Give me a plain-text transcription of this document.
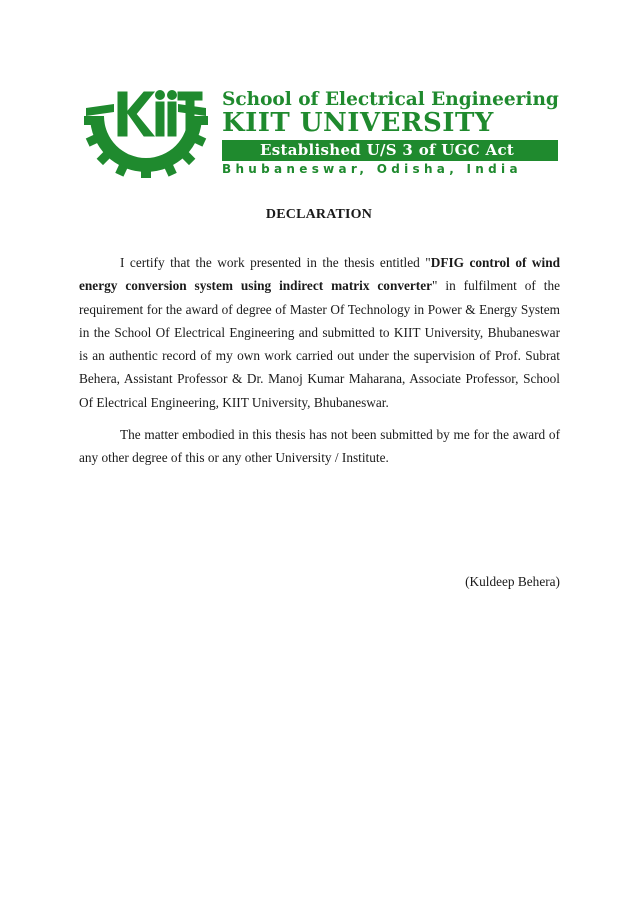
School of Electrical Engineering
KIIT UNIVERSITY
Established U/S 3 of UGC Act
Bhubaneswar, Odisha, India
DECLARATION

I certify that the work presented in the thesis entitled "DFIG control of wind energy conversion system using indirect matrix converter" in fulfilment of the requirement for the award of degree of Master Of Technology in Power & Energy System in the School Of Electrical Engineering and submitted to KIIT University, Bhubaneswar is an authentic record of my own work carried out under the supervision of Prof. Subrat Behera, Assistant Professor & Dr. Manoj Kumar Maharana, Associate Professor, School Of Electrical Engineering, KIIT University, Bhubaneswar.

The matter embodied in this thesis has not been submitted by me for the award of any other degree of this or any other University / Institute.

(Kuldeep Behera)
